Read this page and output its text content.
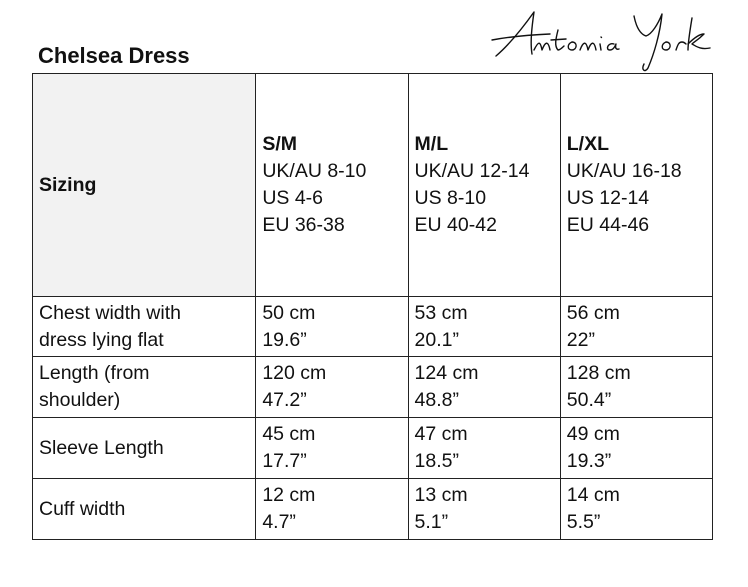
Chelsea Dress
Sizing	S/M
UK/AU 8-10
US 4-6
EU 36-38	M/L
UK/AU 12-14
US 8-10
EU 40-42	L/XL
UK/AU 16-18
US 12-14
EU 44-46

Chest width with
dress lying flat	50 cm
19.6”	53 cm
20.1”	56 cm
22”

Length (from
shoulder)	120 cm
47.2”	124 cm
48.8”	128 cm
50.4”

Sleeve Length	45 cm
17.7”	47 cm
18.5”	49 cm
19.3”

Cuff width	12 cm
4.7”	13 cm
5.1”	14 cm
5.5”
